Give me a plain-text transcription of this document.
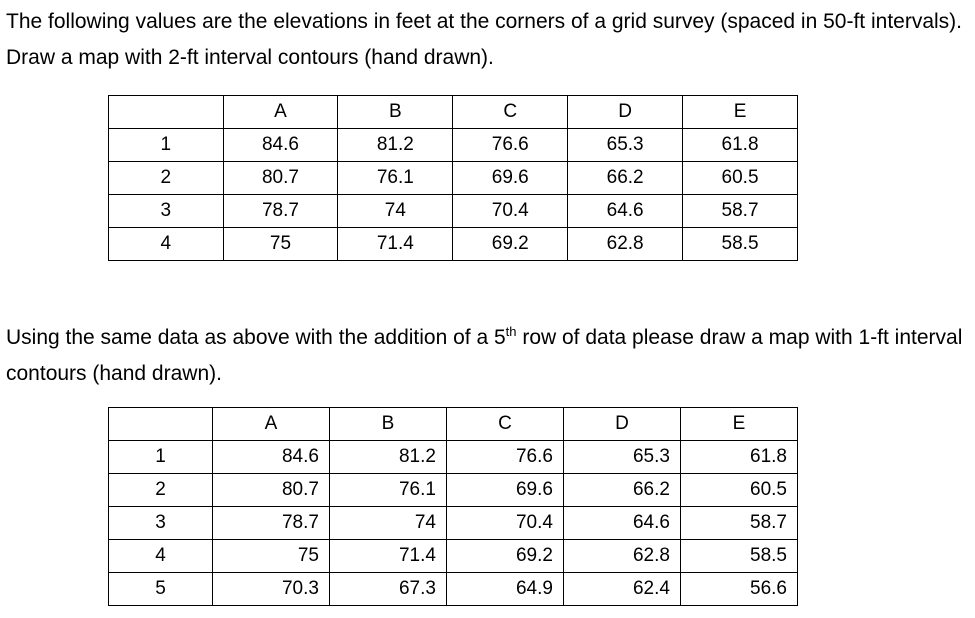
The following values are the elevations in feet at the corners of a grid survey (spaced in 50-ft intervals). Draw a map with 2-ft interval contours (hand drawn).

	A	B	C	D	E
1	84.6	81.2	76.6	65.3	61.8
2	80.7	76.1	69.6	66.2	60.5
3	78.7	74	70.4	64.6	58.7
4	75	71.4	69.2	62.8	58.5

Using the same data as above with the addition of a 5th row of data please draw a map with 1-ft interval contours (hand drawn).

	A	B	C	D	E
1	84.6	81.2	76.6	65.3	61.8
2	80.7	76.1	69.6	66.2	60.5
3	78.7	74	70.4	64.6	58.7
4	75	71.4	69.2	62.8	58.5
5	70.3	67.3	64.9	62.4	56.6
